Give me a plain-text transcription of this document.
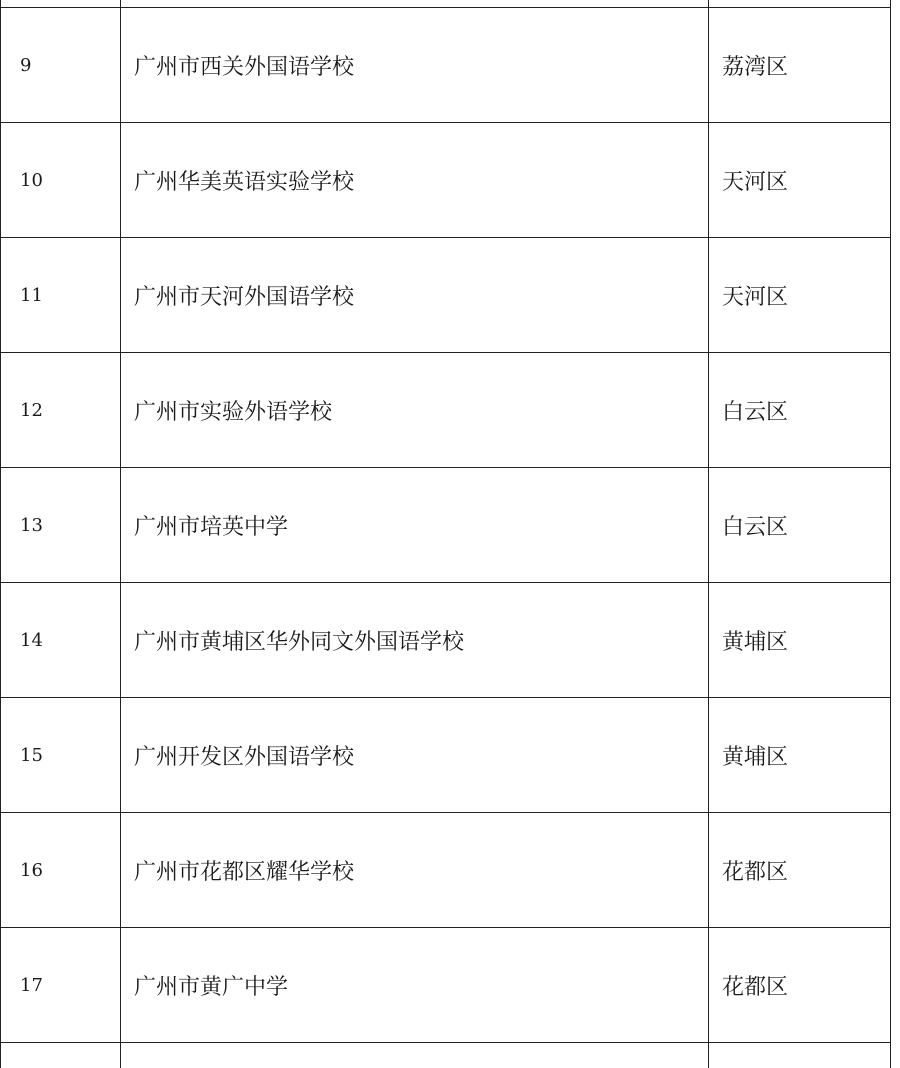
9	广州市西关外国语学校	荔湾区
10	广州华美英语实验学校	天河区
11	广州市天河外国语学校	天河区
12	广州市实验外语学校	白云区
13	广州市培英中学	白云区
14	广州市黄埔区华外同文外国语学校	黄埔区
15	广州开发区外国语学校	黄埔区
16	广州市花都区耀华学校	花都区
17	广州市黄广中学	花都区
